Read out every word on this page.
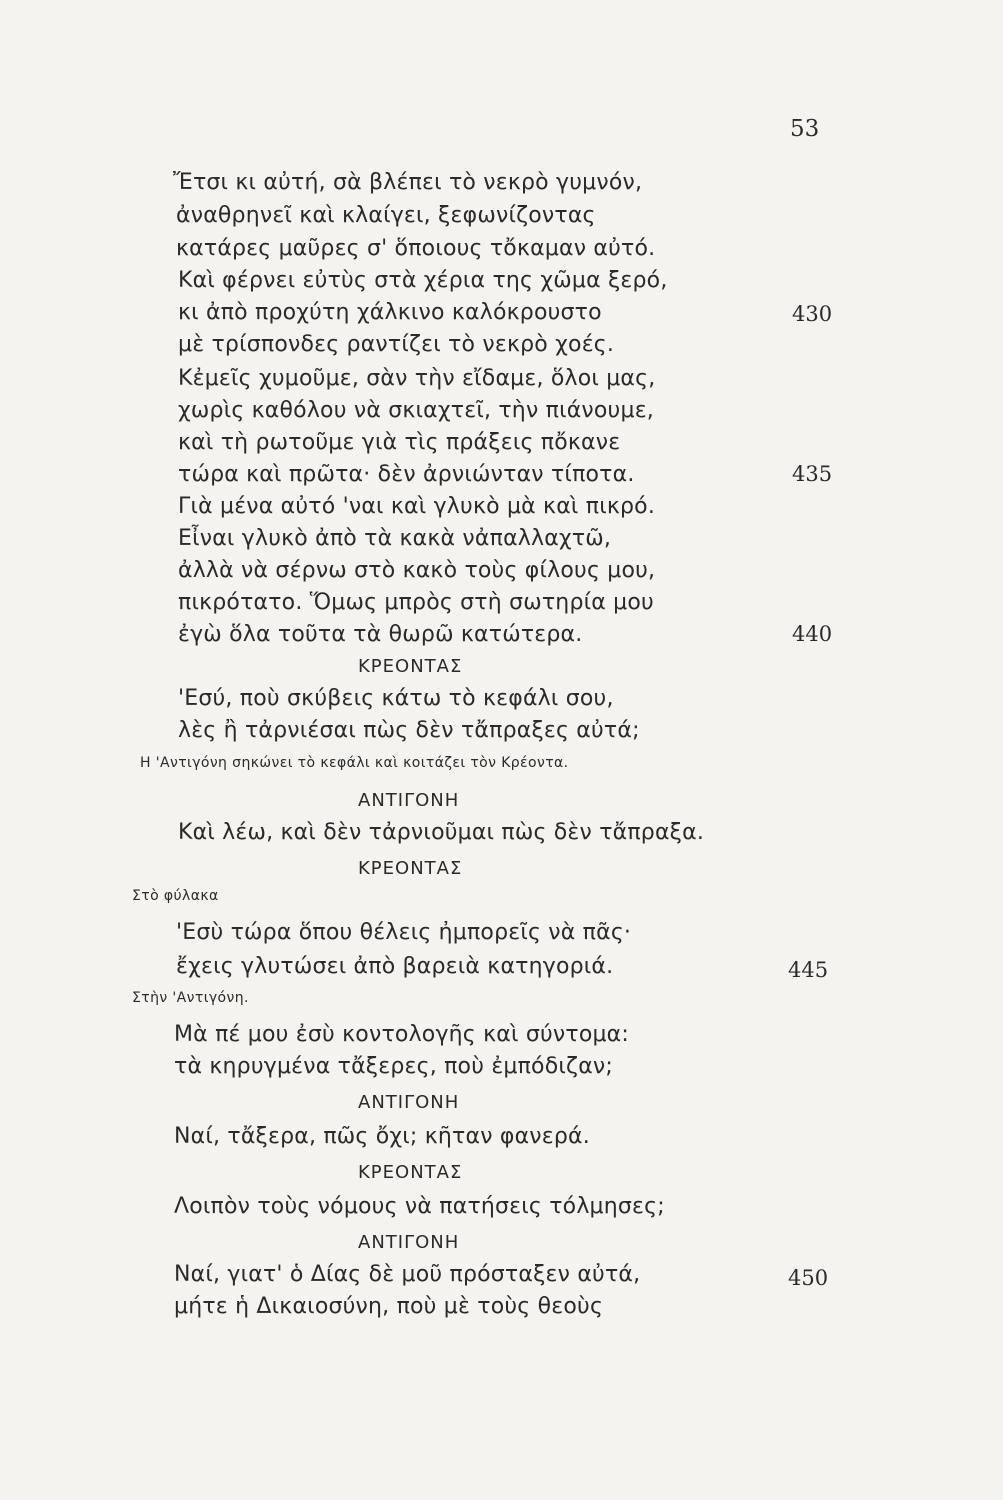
53
Ἔτσι κι αὐτή, σὰ βλέπει τὸ νεκρὸ γυμνόν,
ἀναθρηνεῖ καὶ κλαίγει, ξεφωνίζοντας
κατάρες μαῦρες σ' ὅποιους τὄκαμαν αὐτό.
Καὶ φέρνει εὐτὺς στὰ χέρια της χῶμα ξερό,
κι ἀπὸ προχύτη χάλκινο καλόκρουστο
μὲ τρίσπονδες ραντίζει τὸ νεκρὸ χοές.
Κἐμεῖς χυμοῦμε, σὰν τὴν εἴδαμε, ὅλοι μας,
χωρὶς καθόλου νὰ σκιαχτεῖ, τὴν πιάνουμε,
καὶ τὴ ρωτοῦμε γιὰ τὶς πράξεις πὄκανε
τώρα καὶ πρῶτα· δὲν ἀρνιώνταν τίποτα.
Γιὰ μένα αὐτό 'ναι καὶ γλυκὸ μὰ καὶ πικρό.
Εἶναι γλυκὸ ἀπὸ τὰ κακὰ νἀπαλλαχτῶ,
ἀλλὰ νὰ σέρνω στὸ κακὸ τοὺς φίλους μου,
πικρότατο. Ὅμως μπρὸς στὴ σωτηρία μου
ἐγὼ ὅλα τοῦτα τὰ θωρῶ κατώτερα.
ΚΡΕΟΝΤΑΣ
'Εσύ, ποὺ σκύβεις κάτω τὸ κεφάλι σου,
λὲς ἢ τἀρνιέσαι πὼς δὲν τἄπραξες αὐτά;
Η 'Αντιγόνη σηκώνει τὸ κεφάλι καὶ κοιτάζει τὸν Κρέοντα.
ΑΝΤΙΓΟΝΗ
Καὶ λέω, καὶ δὲν τἀρνιοῦμαι πὼς δὲν τἄπραξα.
ΚΡΕΟΝΤΑΣ
Στὸ φύλακα
'Εσὺ τώρα ὅπου θέλεις ἠμπορεῖς νὰ πᾶς·
ἔχεις γλυτώσει ἀπὸ βαρειὰ κατηγοριά.
Στὴν 'Αντιγόνη.
Μὰ πέ μου ἐσὺ κοντολογῆς καὶ σύντομα:
τὰ κηρυγμένα τἄξερες, ποὺ ἐμπόδιζαν;
ΑΝΤΙΓΟΝΗ
Ναί, τἄξερα, πῶς ὄχι; κῆταν φανερά.
ΚΡΕΟΝΤΑΣ
Λοιπὸν τοὺς νόμους νὰ πατήσεις τόλμησες;
ΑΝΤΙΓΟΝΗ
Ναί, γιατ' ὁ Δίας δὲ μοῦ πρόσταξεν αὐτά,
μήτε ἡ Δικαιοσύνη, ποὺ μὲ τοὺς θεοὺς
430
435
440
445
450
